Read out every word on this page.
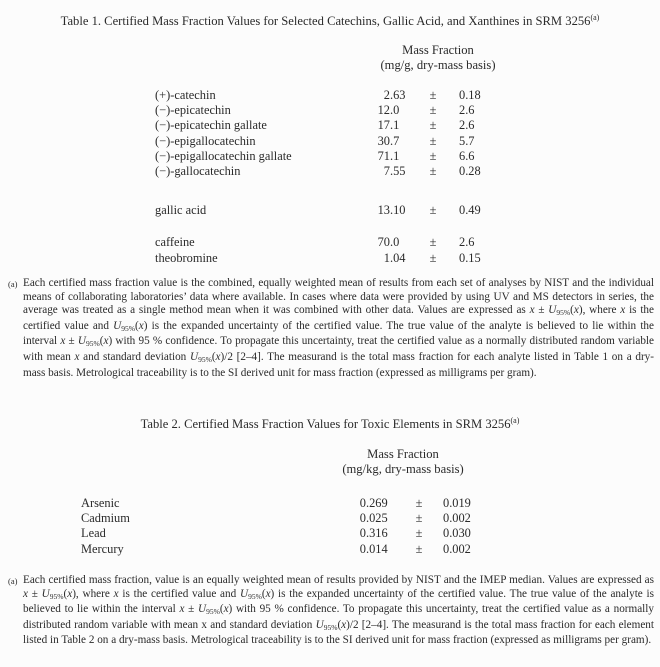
Table 1. Certified Mass Fraction Values for Selected Catechins, Gallic Acid, and Xanthines in SRM 3256$^{(a)}$
Mass Fraction
(mg/g, dry-mass basis)
(+)-catechin	2 .63	±	0.18
(−)-epicatechin	12 .0	±	2.6
(−)-epicatechin gallate	17 .1	±	2.6
(−)-epigallocatechin	30 .7	±	5.7
(−)-epigallocatechin gallate	71 .1	±	6.6
(−)-gallocatechin	7 .55	±	0.28
gallic acid	13 .10	±	0.49
caffeine	70 .0	±	2.6
theobromine	1 .04	±	0.15
(a) Each certified mass fraction value is the combined, equally weighted mean of results from each set of analyses by NIST and the individual means of collaborating laboratories’ data where available. In cases where data were provided by using UV and MS detectors in series, the average was treated as a single method mean when it was combined with other data. Values are expressed as $x \pm U_{95\%}(x)$, where x is the certified value and $U_{95\%}(x)$ is the expanded uncertainty of the certified value. The true value of the analyte is believed to lie within the interval $x \pm U_{95\%}(x)$ with 95 % confidence. To propagate this uncertainty, treat the certified value as a normally distributed random variable with mean x and standard deviation $U_{95\%}(x)/2$ [2–4]. The measurand is the total mass fraction for each analyte listed in Table 1 on a dry-mass basis. Metrological traceability is to the SI derived unit for mass fraction (expressed as milligrams per gram).
Table 2. Certified Mass Fraction Values for Toxic Elements in SRM 3256$^{(a)}$
Mass Fraction
(mg/kg, dry-mass basis)
Arsenic	0 .269	±	0.019
Cadmium	0 .025	±	0.002
Lead	0 .316	±	0.030
Mercury	0 .014	±	0.002
(a) Each certified mass fraction, value is an equally weighted mean of results provided by NIST and the IMEP median. Values are expressed as $x \pm U_{95\%}(x)$, where x is the certified value and $U_{95\%}(x)$ is the expanded uncertainty of the certified value. The true value of the analyte is believed to lie within the interval $x \pm U_{95\%}(x)$ with 95 % confidence. To propagate this uncertainty, treat the certified value as a normally distributed random variable with mean x and standard deviation $U_{95\%}(x)/2$ [2–4]. The measurand is the total mass fraction for each element listed in Table 2 on a dry-mass basis. Metrological traceability is to the SI derived unit for mass fraction (expressed as milligrams per gram).
